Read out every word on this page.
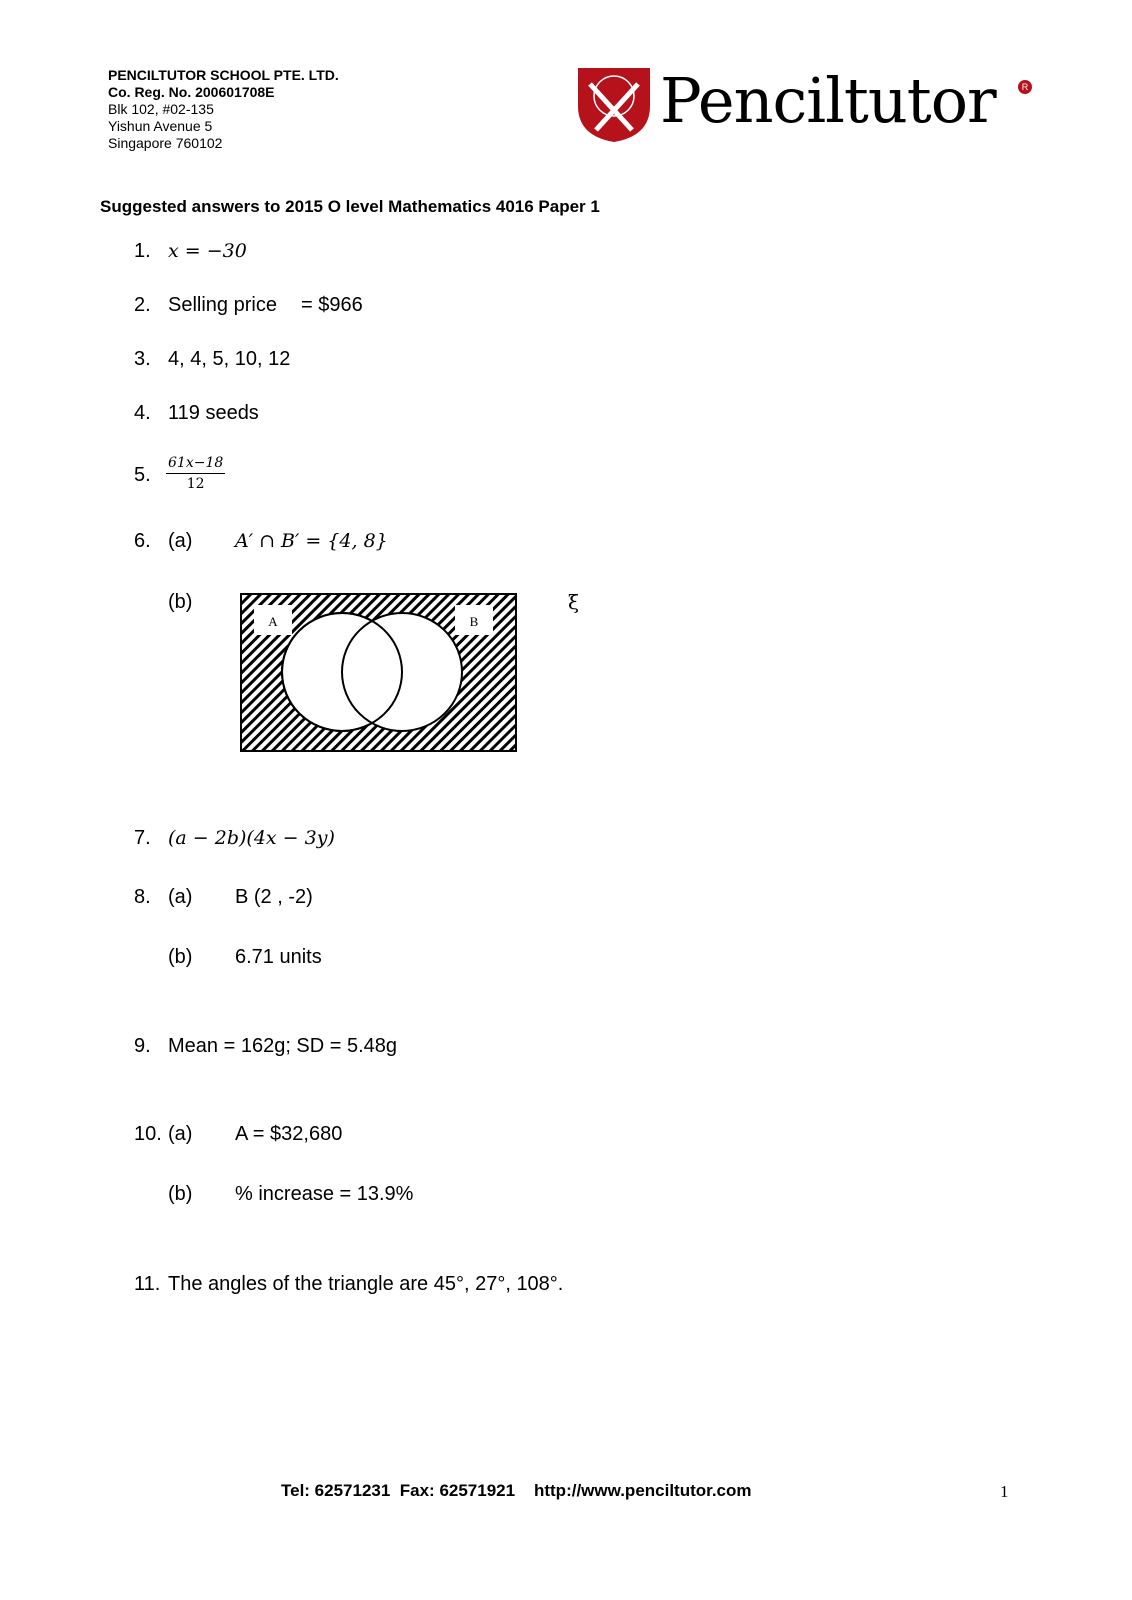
PENCILTUTOR SCHOOL PTE. LTD.
Co. Reg. No. 200601708E
Blk 102, #02-135
Yishun Avenue 5
Singapore 760102
Penciltutor	R
Suggested answers to 2015 O level Mathematics 4016 Paper 1
1. x = −30
2. Selling price = $966
3. 4, 4, 5, 10, 12
4. 119 seeds
5. $\frac{61x-18}{12}$
6. (a) A′ ∩ B′ = {4, 8}
(b)
A	B
ξ
7. (a − 2b)(4x − 3y)
8. (a) B (2 , -2)
(b) 6.71 units
9. Mean = 162g; SD = 5.48g
10. (a) A = $32,680
(b) % increase = 13.9%
11. The angles of the triangle are 45°, 27°, 108°.
Tel: 62571231  Fax: 62571921    http://www.penciltutor.com	1
